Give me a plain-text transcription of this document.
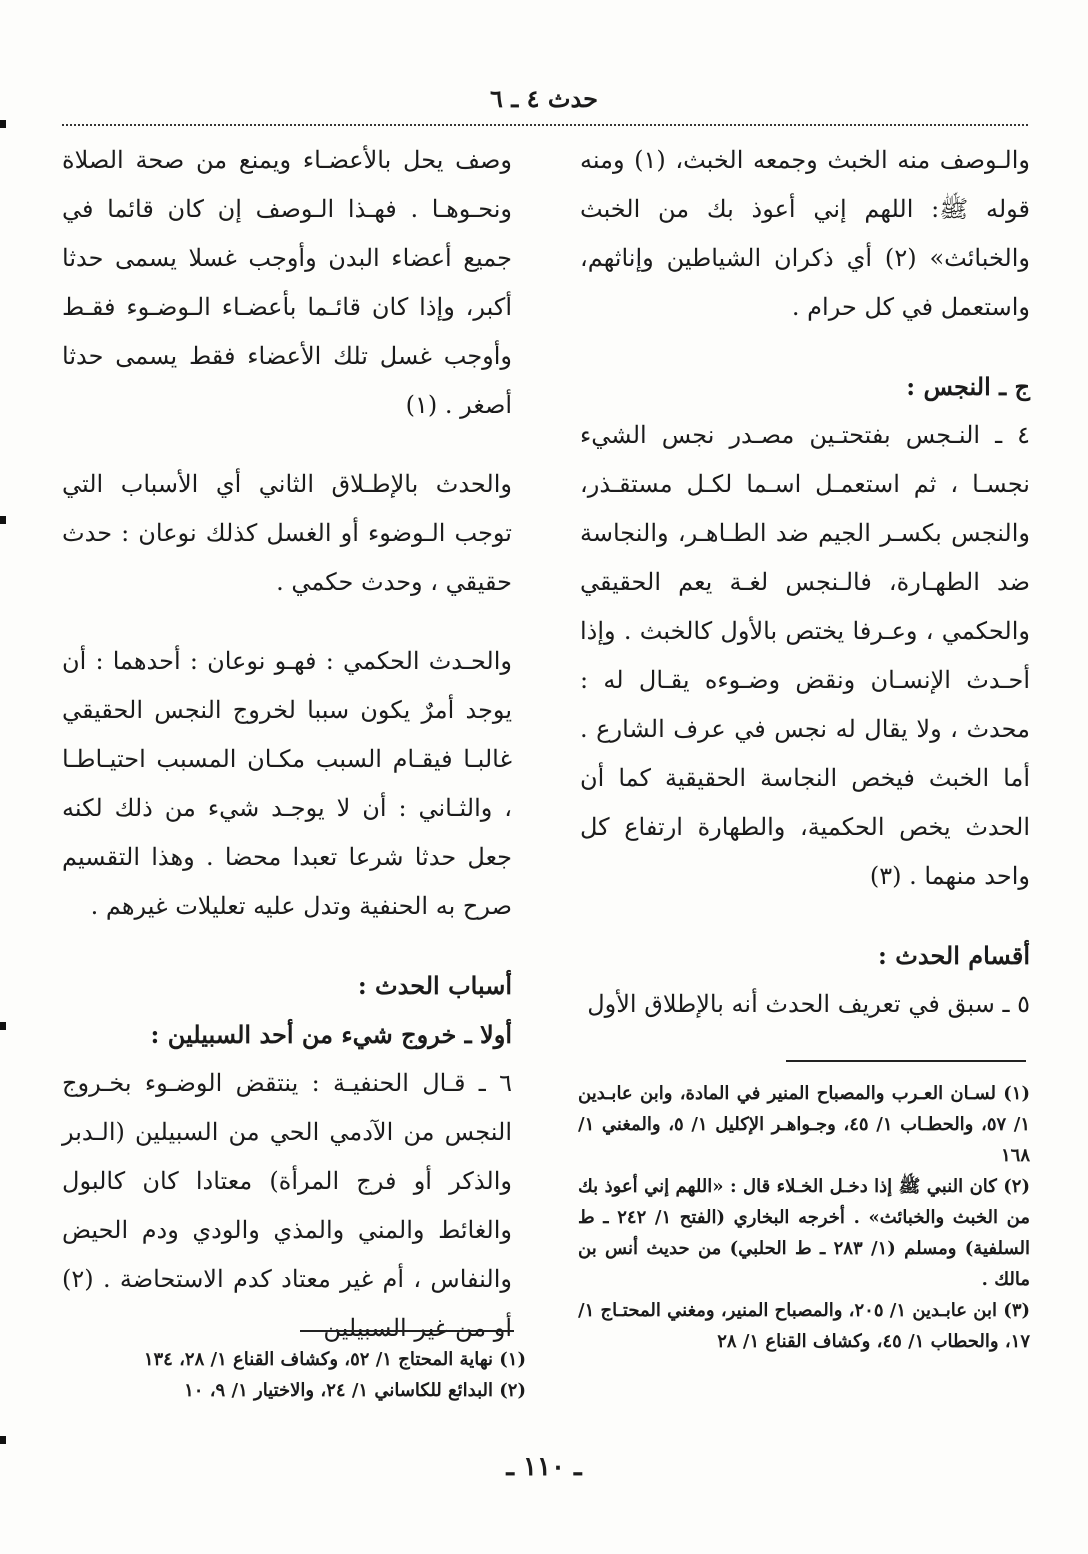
حدث ٤ ـ ٦

والـوصف منه الخبث وجمعه الخبث، (١) ومنه قوله ﷺ: اللهم إني أعوذ بك من الخبث والخبائث» (٢) أي ذكران الشياطين وإناثهم، واستعمل في كل حرام .

ج ـ النجس :

٤ ـ النـجس بفتحتـين مصـدر نجس الشيء نجسـا ، ثم استعمـل اسـما لكـل مستقـذر، والنجس بكسـر الجيم ضد الطـاهـر، والنجاسة ضد الطهـارة، فالـنجس لغـة يعم الحقيقي والحكمي ، وعـرفا يختص بالأول كالخبث . وإذا أحـدث الإنسـان ونقض وضـوءه يقـال له : محدث ، ولا يقال له نجس في عرف الشارع . أما الخبث فيخص النجاسة الحقيقية كما أن الحدث يخص الحكمية، والطهارة ارتفاع كل واحد منهما . (٣)

أقسام الحدث :

٥ ـ سبق في تعريف الحدث أنه بالإطلاق الأول

وصف يحل بالأعضـاء ويمنع من صحة الصلاة ونحـوهـا . فهـذا الـوصف إن كان قائما في جميع أعضاء البدن وأوجب غسلا يسمى حدثا أكبر، وإذا كان قائـما بأعضـاء الـوضـوء فقـط وأوجب غسل تلك الأعضاء فقط يسمى حدثا أصغر . (١)

والحدث بالإطـلاق الثاني أي الأسباب التي توجب الـوضوء أو الغسل كذلك نوعان : حدث حقيقي ، وحدث حكمي .

والحـدث الحكمي : فهـو نوعان : أحدهما : أن يوجد أمرٌ يكون سببا لخروج النجس الحقيقي غالبـا فيقـام السبب مكـان المسبب احتيـاطـا ، والثـاني : أن لا يوجـد شيء من ذلك لكنه جعل حدثا شرعا تعبدا محضا . وهذا التقسيم صرح به الحنفية وتدل عليه تعليلات غيرهم .

أسباب الحدث :

أولا ـ خروج شيء من أحد السبيلين :

٦ ـ قـال الحنفيـة : ينتقض الوضـوء بخـروج النجس من الآدمي الحي من السبيلين (الـدبر والذكر أو فرج المرأة) معتادا كان كالبول والغائط والمني والمذي والودي ودم الحيض والنفاس ، أم غير معتاد كدم الاستحاضة . (٢) أو من غير السبيلين

(١) لسـان العـرب والمصباح المنير في المادة، وابن عابـدين ١/ ٥٧، والحطـاب ١/ ٤٥، وجـواهـر الإكليل ١/ ٥، والمغني ١/ ١٦٨

(٢) كان النبي ﷺ إذا دخـل الخـلاء قال : «اللهم إني أعوذ بك من الخبث والخبائث» . أخرجه البخاري (الفتح ١/ ٢٤٢ ـ ط السلفية) ومسلم (١/ ٢٨٣ ـ ط الحلبي) من حديث أنس بن مالك .

(٣) ابن عابـدين ١/ ٢٠٥، والمصباح المنير، ومغني المحتـاج ١/ ١٧، والحطاب ١/ ٤٥، وكشاف القناع ١/ ٢٨

(١) نهاية المحتاج ١/ ٥٢، وكشاف القناع ١/ ٢٨، ١٣٤

(٢) البدائع للكاساني ١/ ٢٤، والاختيار ١/ ٩، ١٠

ـ ١١٠ ـ
